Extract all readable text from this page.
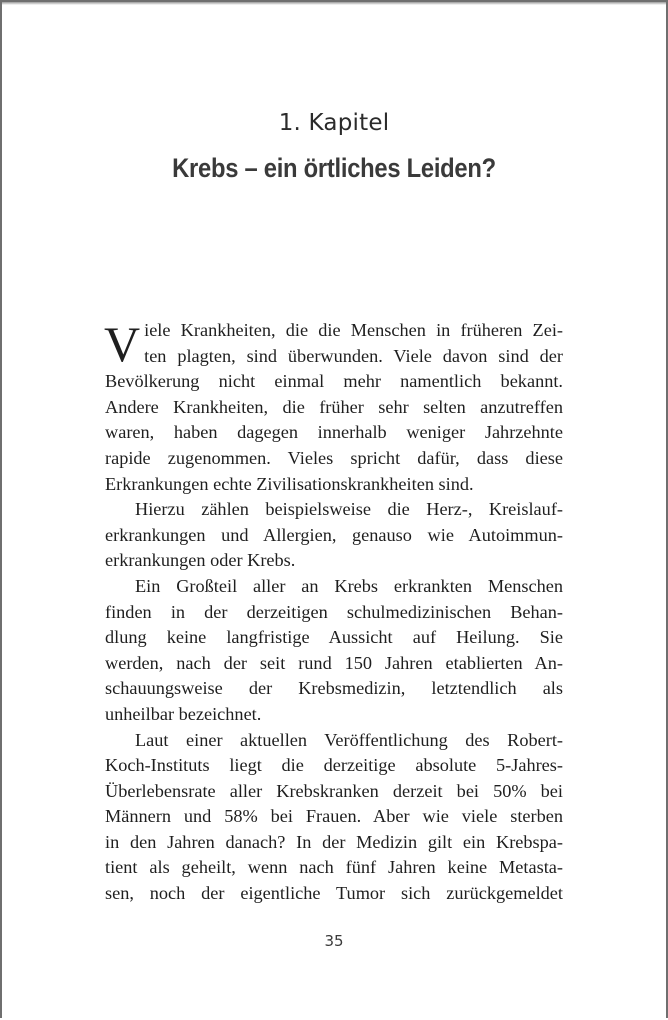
1. Kapitel
Krebs – ein örtliches Leiden?

V iele Krankheiten, die die Menschen in früheren Zei-
ten plagten, sind überwunden. Viele davon sind der
Bevölkerung nicht einmal mehr namentlich bekannt.
Andere Krankheiten, die früher sehr selten anzutreffen
waren, haben dagegen innerhalb weniger Jahrzehnte
rapide zugenommen. Vieles spricht dafür, dass diese
Erkrankungen echte Zivilisationskrankheiten sind.

Hierzu zählen beispielsweise die Herz-, Kreislauf-
erkrankungen und Allergien, genauso wie Autoimmun-
erkrankungen oder Krebs.

Ein Großteil aller an Krebs erkrankten Menschen
finden in der derzeitigen schulmedizinischen Behan-
dlung keine langfristige Aussicht auf Heilung. Sie
werden, nach der seit rund 150 Jahren etablierten An-
schauungsweise der Krebsmedizin, letztendlich als
unheilbar bezeichnet.

Laut einer aktuellen Veröffentlichung des Robert-
Koch-Instituts liegt die derzeitige absolute 5-Jahres-
Überlebensrate aller Krebskranken derzeit bei 50% bei
Männern und 58% bei Frauen. Aber wie viele sterben
in den Jahren danach? In der Medizin gilt ein Krebspa-
tient als geheilt, wenn nach fünf Jahren keine Metasta-
sen, noch der eigentliche Tumor sich zurückgemeldet

35
